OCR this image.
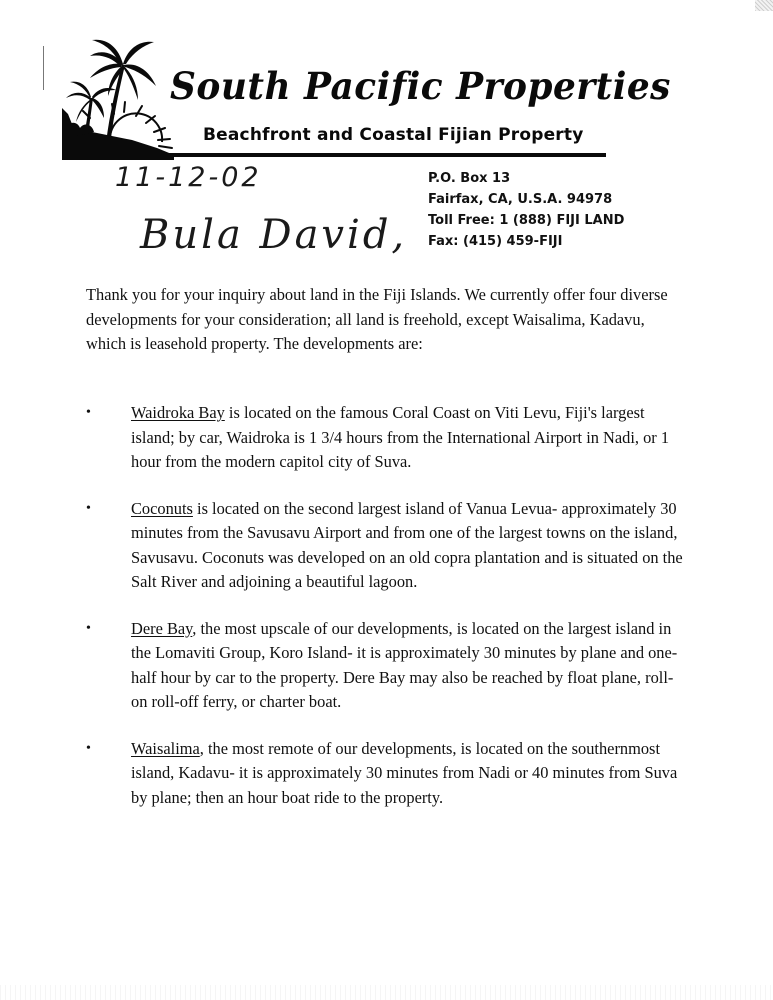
South Pacific Properties
Beachfront and Coastal Fijian Property
11-12-02
Bula David,
P.O. Box 13
Fairfax, CA, U.S.A. 94978
Toll Free: 1 (888) FIJI LAND
Fax: (415) 459-FIJI

Thank you for your inquiry about land in the Fiji Islands. We currently offer four diverse developments for your consideration; all land is freehold, except Waisalima, Kadavu, which is leasehold property. The developments are:

• Waidroka Bay is located on the famous Coral Coast on Viti Levu, Fiji's largest island; by car, Waidroka is 1 3/4 hours from the International Airport in Nadi, or 1 hour from the modern capitol city of Suva.
• Coconuts is located on the second largest island of Vanua Levua- approximately 30 minutes from the Savusavu Airport and from one of the largest towns on the island, Savusavu. Coconuts was developed on an old copra plantation and is situated on the Salt River and adjoining a beautiful lagoon.
• Dere Bay, the most upscale of our developments, is located on the largest island in the Lomaviti Group, Koro Island- it is approximately 30 minutes by plane and one-half hour by car to the property. Dere Bay may also be reached by float plane, roll-on roll-off ferry, or charter boat.
• Waisalima, the most remote of our developments, is located on the southernmost island, Kadavu- it is approximately 30 minutes from Nadi or 40 minutes from Suva by plane; then an hour boat ride to the property.
